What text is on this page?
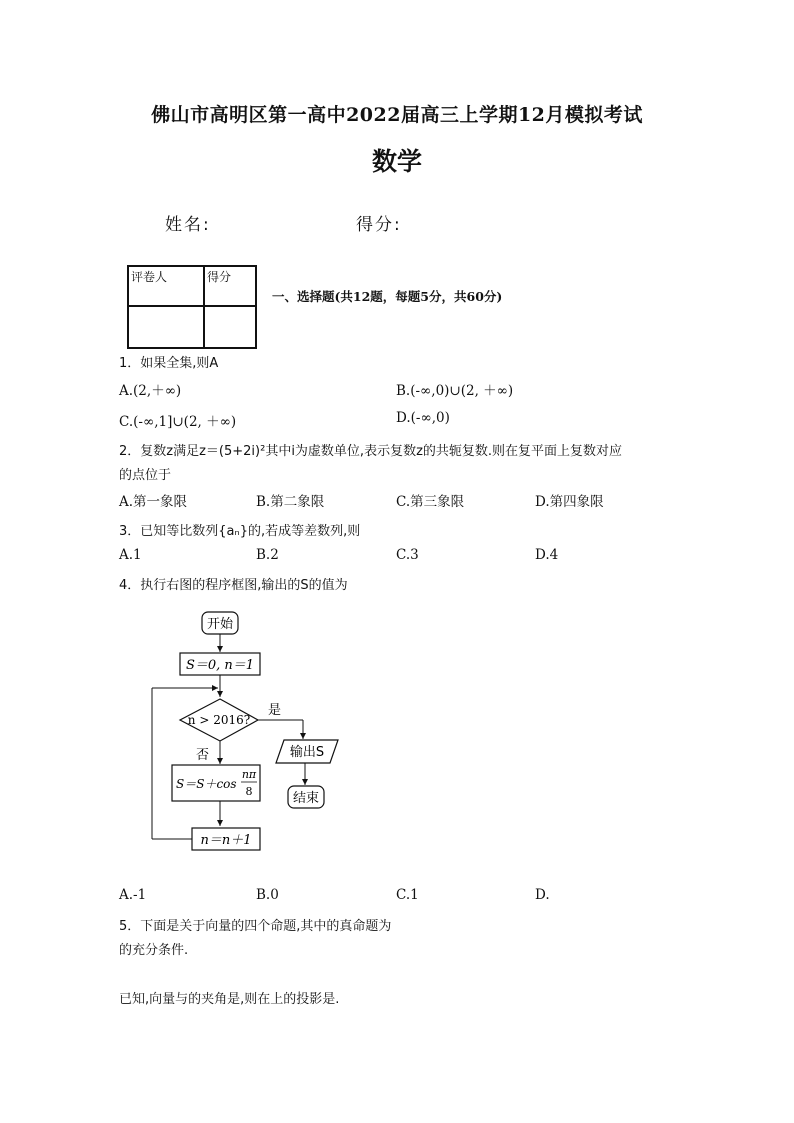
佛山市高明区第一高中2022届高三上学期12月模拟考试
数学
姓名:	得分:
评卷人	得分

一、选择题(共12题，每题5分，共60分)
1．如果全集,则A
A.(2,＋∞)	B.(-∞,0)∪(2, ＋∞)
C.(-∞,1]∪(2, ＋∞)	D.(-∞,0)
2．复数z满足z＝(5+2i)²其中i为虚数单位,表示复数z的共轭复数.则在复平面上复数对应
的点位于
A.第一象限	B.第二象限	C.第三象限	D.第四象限
3．已知等比数列{aₙ}的,若成等差数列,则
A.1	B.2	C.3	D.4
4．执行右图的程序框图,输出的S的值为
开始
S＝0, n＝1
n > 2016?
是
输出S
结束
否
S＝S＋cos
nπ
8
n＝n＋1
A.-1	B.0	C.1	D.
5．下面是关于向量的四个命题,其中的真命题为
的充分条件.
已知,向量与的夹角是,则在上的投影是.
